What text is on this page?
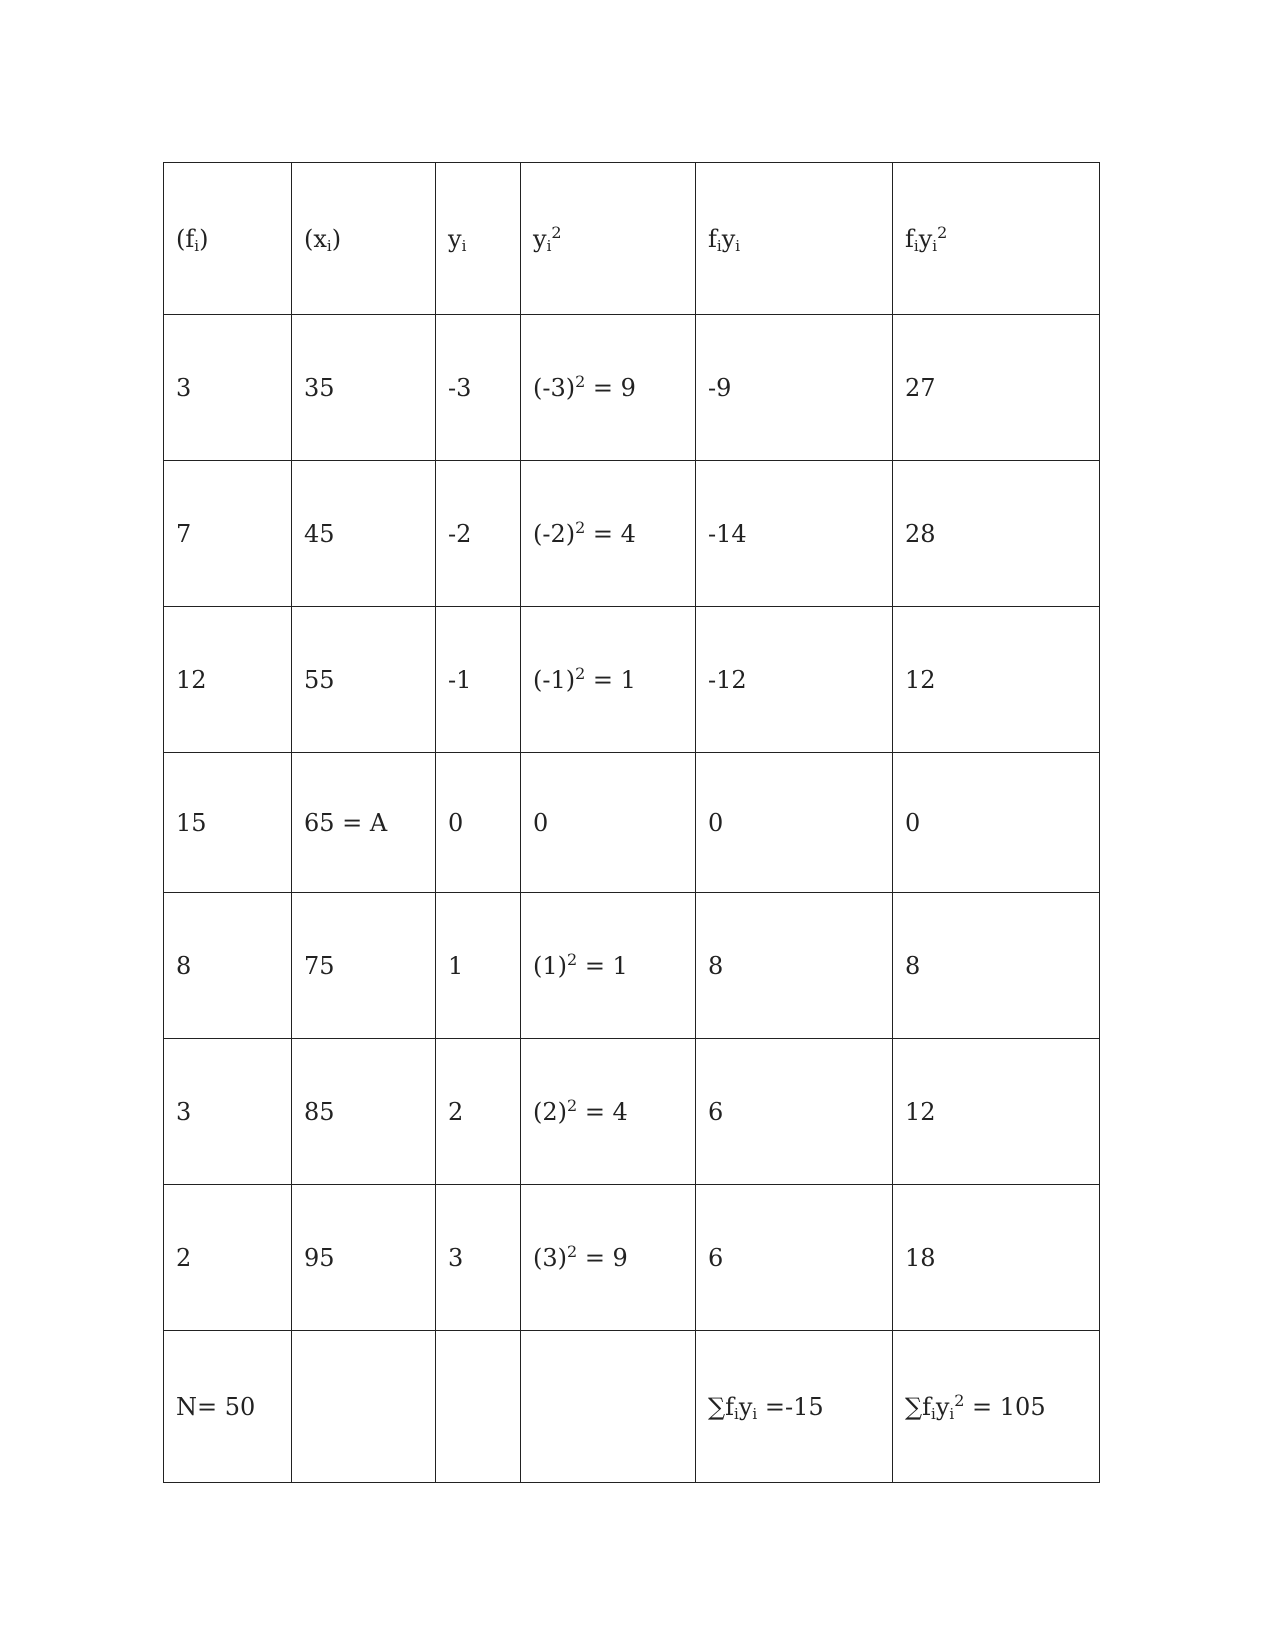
$(f_i)$	$(x_i)$	$y_i$	$y_i^2$	$f_iy_i$	$f_iy_i^2$
3	35	-3	$(-3)^2 = 9$	-9	27
7	45	-2	$(-2)^2 = 4$	-14	28
12	55	-1	$(-1)^2 = 1$	-12	12
15	65 = A	0	0	0	0
8	75	1	$(1)^2 = 1$	8	8
3	85	2	$(2)^2 = 4$	6	12
2	95	3	$(3)^2 = 9$	6	18
N= 50				$\sum f_iy_i =-15$	$\sum f_iy_i^2 = 105$
